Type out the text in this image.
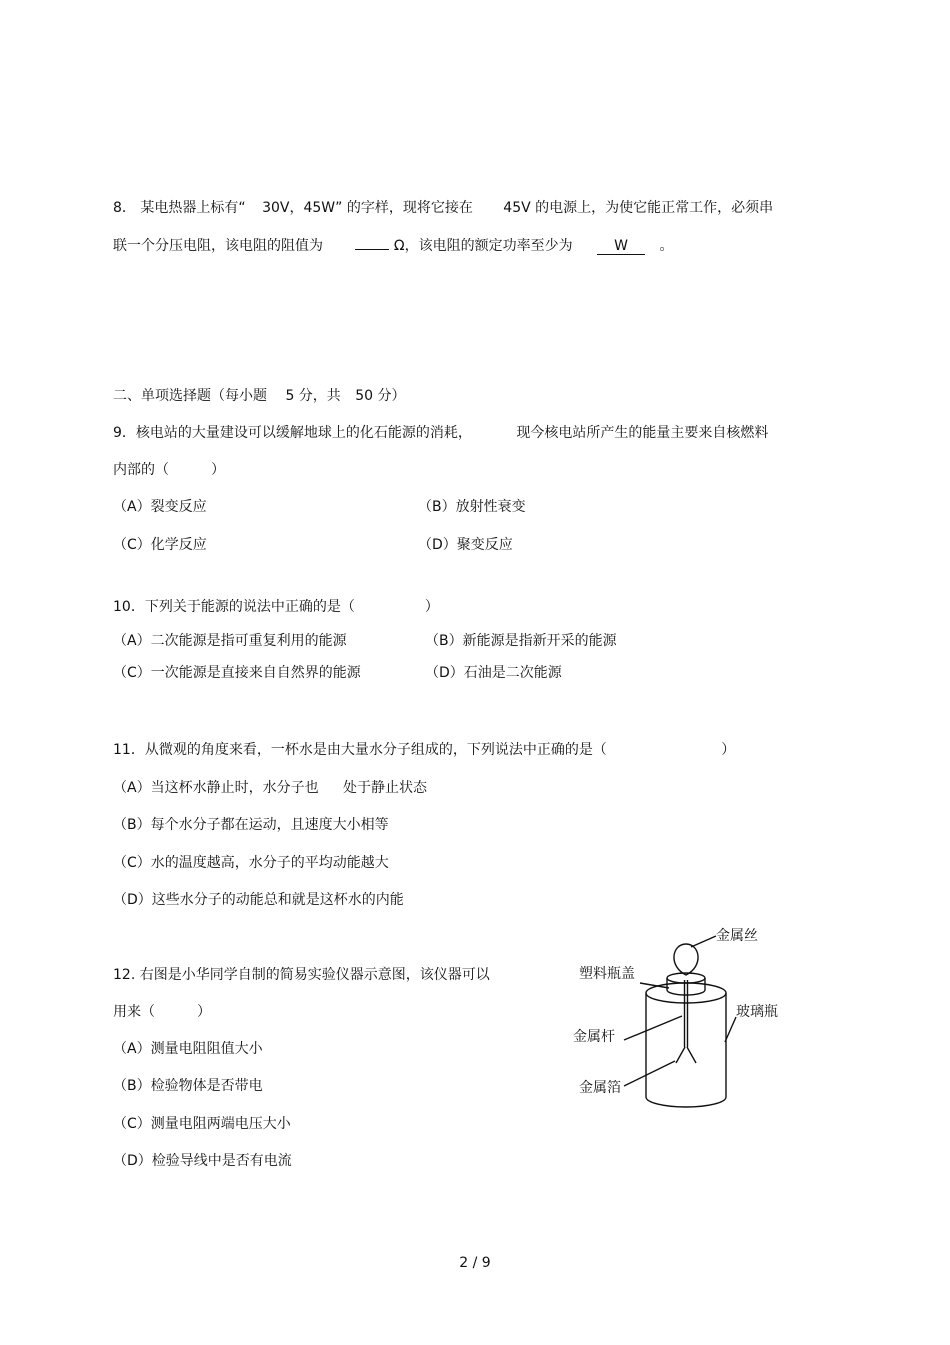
8． 某电热器上标有“ 30V，45W” 的字样，现将它接在 45V 的电源上，为使它能正常工作，必须串
联一个分压电阻，该电阻的阻值为	Ω，该电阻的额定功率至少为	W 。
二、单项选择题（每小题 5 分，共 50 分）
9．核电站的大量建设可以缓解地球上的化石能源的消耗，	现今核电站所产生的能量主要来自核燃料
内部的（　　　）
（A）裂变反应	（B）放射性衰变
（C）化学反应	（D）聚变反应
10．下列关于能源的说法中正确的是（　　　　　）
（A）二次能源是指可重复利用的能源	（B）新能源是指新开采的能源
（C）一次能源是直接来自自然界的能源	（D）石油是二次能源
11．从微观的角度来看，一杯水是由大量水分子组成的，下列说法中正确的是（	）
（A）当这杯水静止时，水分子也 处于静止状态
（B）每个水分子都在运动，且速度大小相等
（C）水的温度越高，水分子的平均动能越大
（D）这些水分子的动能总和就是这杯水的内能
12. 右图是小华同学自制的简易实验仪器示意图，该仪器可以
用来（　　　）
（A）测量电阻阻值大小
（B）检验物体是否带电
（C）测量电阻两端电压大小
（D）检验导线中是否有电流
金属丝
塑料瓶盖
玻璃瓶
金属杆
金属箔
2 / 9
